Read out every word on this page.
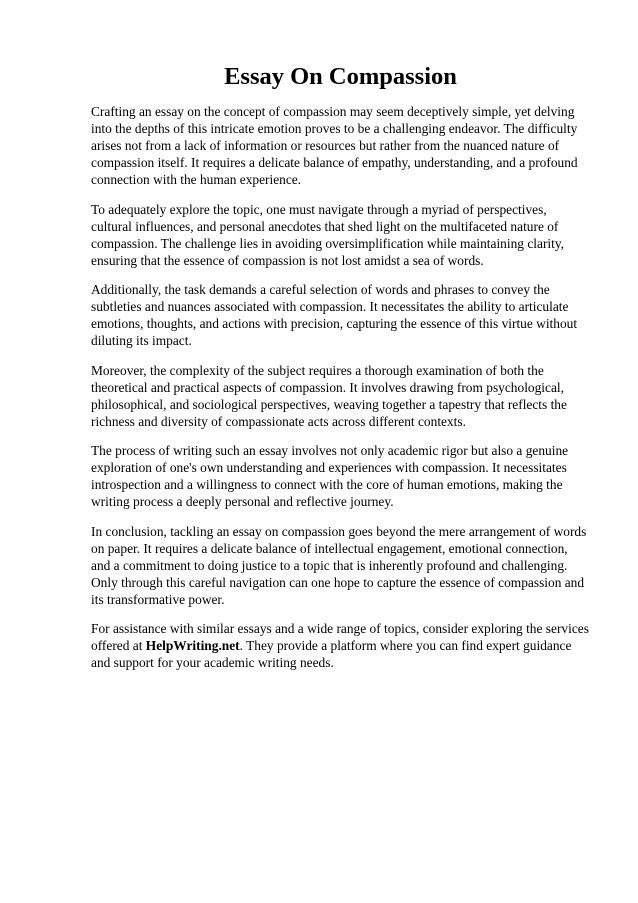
Essay On Compassion

Crafting an essay on the concept of compassion may seem deceptively simple, yet delving into the depths of this intricate emotion proves to be a challenging endeavor. The difficulty arises not from a lack of information or resources but rather from the nuanced nature of compassion itself. It requires a delicate balance of empathy, understanding, and a profound connection with the human experience.

To adequately explore the topic, one must navigate through a myriad of perspectives, cultural influences, and personal anecdotes that shed light on the multifaceted nature of compassion. The challenge lies in avoiding oversimplification while maintaining clarity, ensuring that the essence of compassion is not lost amidst a sea of words.

Additionally, the task demands a careful selection of words and phrases to convey the subtleties and nuances associated with compassion. It necessitates the ability to articulate emotions, thoughts, and actions with precision, capturing the essence of this virtue without diluting its impact.

Moreover, the complexity of the subject requires a thorough examination of both the theoretical and practical aspects of compassion. It involves drawing from psychological, philosophical, and sociological perspectives, weaving together a tapestry that reflects the richness and diversity of compassionate acts across different contexts.

The process of writing such an essay involves not only academic rigor but also a genuine exploration of one's own understanding and experiences with compassion. It necessitates introspection and a willingness to connect with the core of human emotions, making the writing process a deeply personal and reflective journey.

In conclusion, tackling an essay on compassion goes beyond the mere arrangement of words on paper. It requires a delicate balance of intellectual engagement, emotional connection, and a commitment to doing justice to a topic that is inherently profound and challenging. Only through this careful navigation can one hope to capture the essence of compassion and its transformative power.

For assistance with similar essays and a wide range of topics, consider exploring the services offered at HelpWriting.net. They provide a platform where you can find expert guidance and support for your academic writing needs.
